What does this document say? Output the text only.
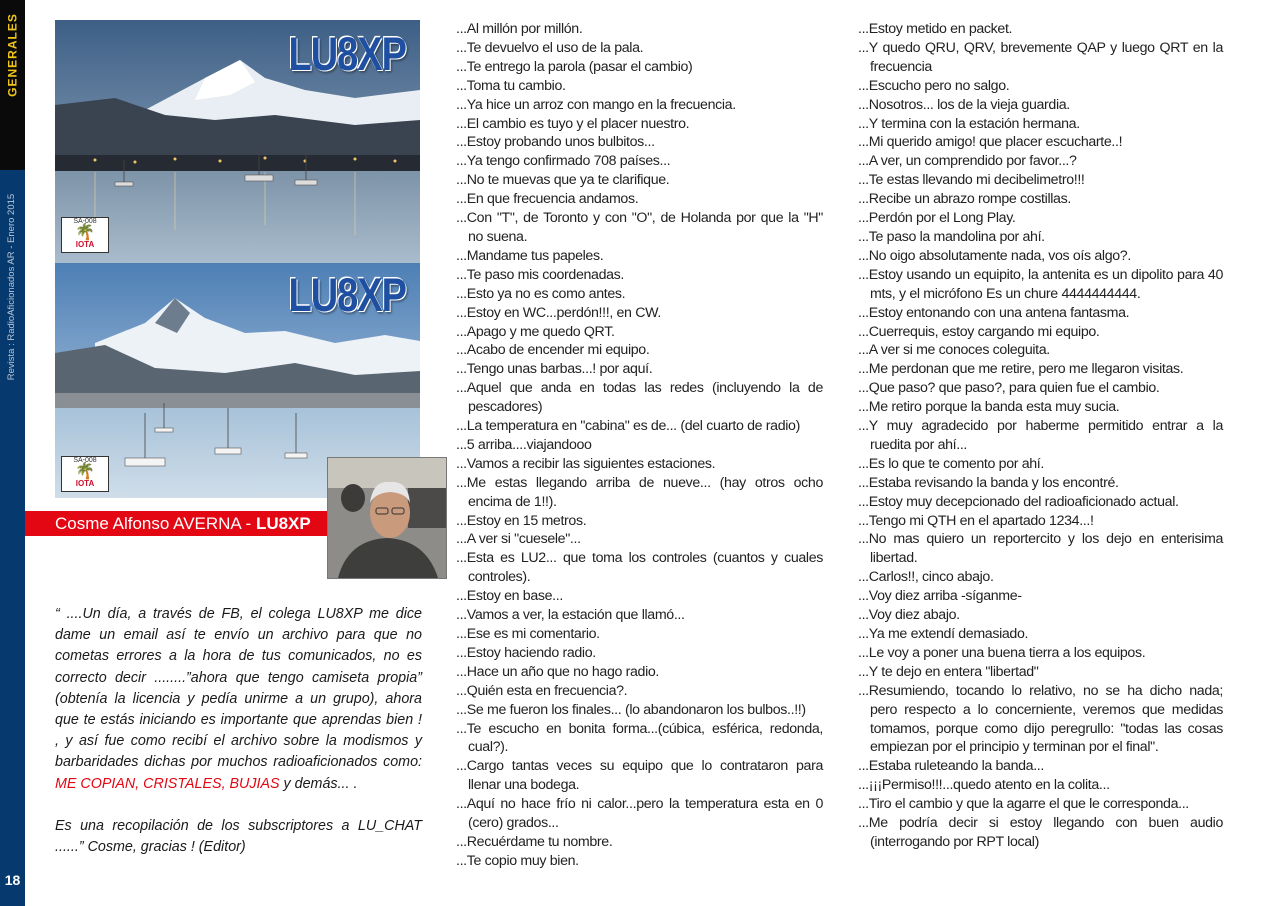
GENERALES
Revista : RadioAficionados AR - Enero 2015
18
LU8XP
SA-008
🌴
IOTA
LU8XP
SA-008
🌴
IOTA
Cosme Alfonso AVERNA - LU8XP

“ ....Un día, a través de FB, el colega LU8XP me dice dame un email así te envío un archivo para que no cometas errores a la hora de tus comunicados, no es correcto decir ........”ahora que tengo camiseta propia” (obtenía la licencia y pedía unirme a un grupo), ahora que te estás iniciando es importante que aprendas bien ! , y así fue como recibí el archivo sobre la modismos y barbaridades dichas por muchos radioaficionados como: ME COPIAN, CRISTALES, BUJIAS y demás... .

Es una recopilación de los subscriptores a LU_CHAT ......” Cosme, gracias ! (Editor)

...Al millón por millón.
...Te devuelvo el uso de la pala.
...Te entrego la parola (pasar el cambio)
...Toma tu cambio.
...Ya hice un arroz con mango en la frecuencia.
...El cambio es tuyo y el placer nuestro.
...Estoy probando unos bulbitos...
...Ya tengo confirmado 708 países...
...No te muevas que ya te clarifique.
...En que frecuencia andamos.
...Con "T", de Toronto y con "O", de Holanda por que la "H" no suena.
...Mandame tus papeles.
...Te paso mis coordenadas.
...Esto ya no es como antes.
...Estoy en WC...perdón!!!, en CW.
...Apago y me quedo QRT.
...Acabo de encender mi equipo.
...Tengo unas barbas...! por aquí.
...Aquel que anda en todas las redes (incluyendo la de pescadores)
...La temperatura en "cabina" es de... (del cuarto de radio)
...5 arriba....viajandooo
...Vamos a recibir las siguientes estaciones.
...Me estas llegando arriba de nueve... (hay otros ocho encima de 1!!).
...Estoy en 15 metros.
...A ver si "cuesele"...
...Esta es LU2... que toma los controles (cuantos y cuales controles).
...Estoy en base...
...Vamos a ver, la estación que llamó...
...Ese es mi comentario.
...Estoy haciendo radio.
...Hace un año que no hago radio.
...Quién esta en frecuencia?.
...Se me fueron los finales... (lo abandonaron los bulbos..!!)
...Te escucho en bonita forma...(cúbica, esférica, redonda, cual?).
...Cargo tantas veces su equipo que lo contrataron para llenar una bodega.
...Aquí no hace frío ni calor...pero la temperatura esta en 0 (cero) grados...
...Recuérdame tu nombre.
...Te copio muy bien.
...Estoy metido en packet.
...Y quedo QRU, QRV, brevemente QAP y luego QRT en la frecuencia
...Escucho pero no salgo.
...Nosotros... los de la vieja guardia.
...Y termina con la estación hermana.
...Mi querido amigo! que placer escucharte..!
...A ver, un comprendido por favor...?
...Te estas llevando mi decibelimetro!!!
...Recibe un abrazo rompe costillas.
...Perdón por el Long Play.
...Te paso la mandolina por ahí.
...No oigo absolutamente nada, vos oís algo?.
...Estoy usando un equipito, la antenita es un dipolito para 40 mts, y el micrófono Es un chure 4444444444.
...Estoy entonando con una antena fantasma.
...Cuerrequis, estoy cargando mi equipo.
...A ver si me conoces coleguita.
...Me perdonan que me retire, pero me llegaron visitas.
...Que paso? que paso?, para quien fue el cambio.
...Me retiro porque la banda esta muy sucia.
...Y muy agradecido por haberme permitido entrar a la ruedita por ahí...
...Es lo que te comento por ahí.
...Estaba revisando la banda y los encontré.
...Estoy muy decepcionado del radioaficionado actual.
...Tengo mi QTH en el apartado 1234...!
...No mas quiero un reportercito y los dejo en enterisima libertad.
...Carlos!!, cinco abajo.
...Voy diez arriba -síganme-
...Voy diez abajo.
...Ya me extendí demasiado.
...Le voy a poner una buena tierra a los equipos.
...Y te dejo en entera "libertad"
...Resumiendo, tocando lo relativo, no se ha dicho nada; pero respecto a lo concerniente, veremos que medidas tomamos, porque como dijo peregrullo: "todas las cosas empiezan por el principio y terminan por el final".
...Estaba ruleteando la banda...
...¡¡¡Permiso!!!...quedo atento en la colita...
...Tiro el cambio y que la agarre el que le corresponda...
...Me podría decir si estoy llegando con buen audio (interrogando por RPT local)
